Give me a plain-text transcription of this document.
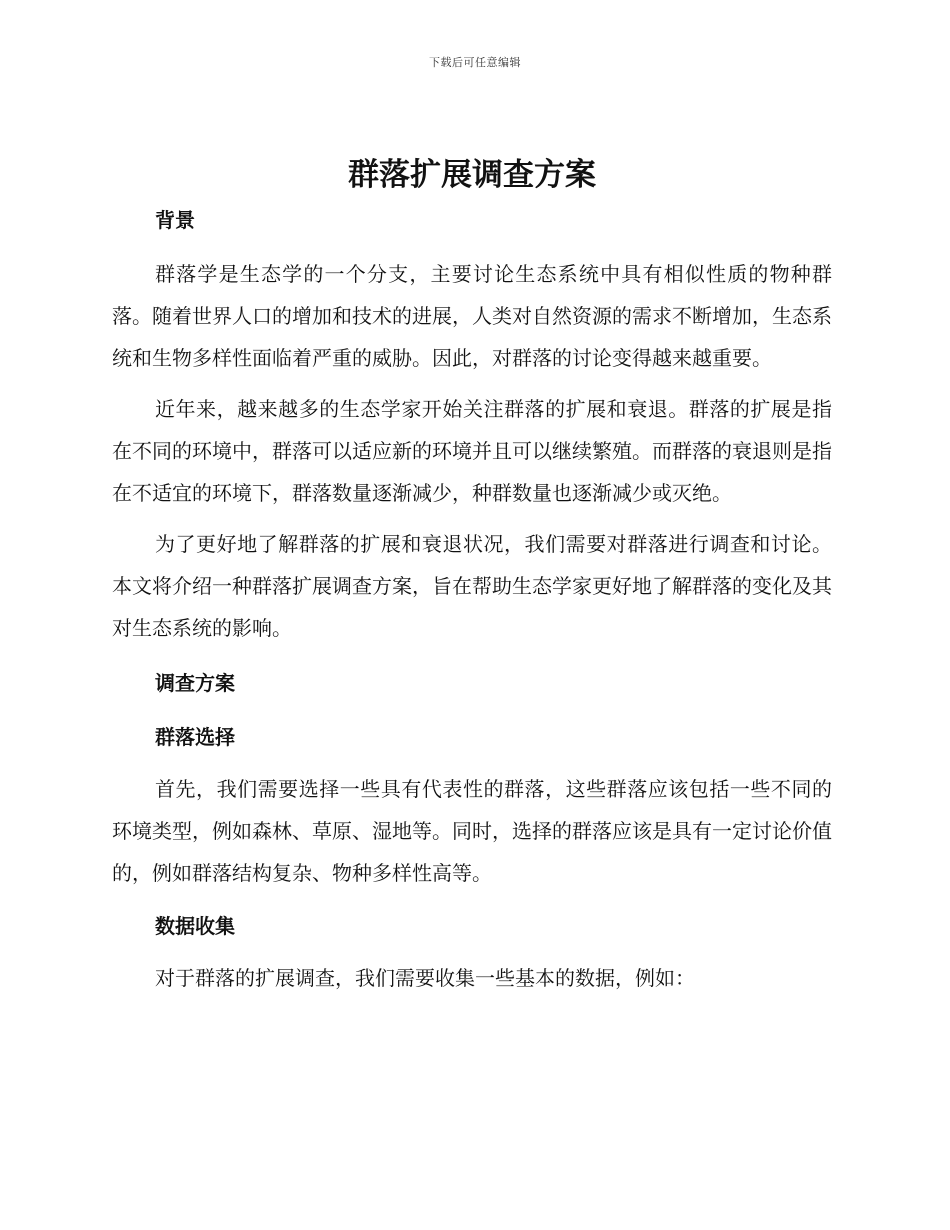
下载后可任意编辑
群落扩展调查方案
背景

群落学是生态学的一个分支，主要讨论生态系统中具有相似性质的物种群落。随着世界人口的增加和技术的进展，人类对自然资源的需求不断增加，生态系统和生物多样性面临着严重的威胁。因此，对群落的讨论变得越来越重要。

近年来，越来越多的生态学家开始关注群落的扩展和衰退。群落的扩展是指在不同的环境中，群落可以适应新的环境并且可以继续繁殖。而群落的衰退则是指在不适宜的环境下，群落数量逐渐减少，种群数量也逐渐减少或灭绝。

为了更好地了解群落的扩展和衰退状况，我们需要对群落进行调查和讨论。本文将介绍一种群落扩展调查方案，旨在帮助生态学家更好地了解群落的变化及其对生态系统的影响。

调查方案
群落选择

首先，我们需要选择一些具有代表性的群落，这些群落应该包括一些不同的环境类型，例如森林、草原、湿地等。同时，选择的群落应该是具有一定讨论价值的，例如群落结构复杂、物种多样性高等。

数据收集

对于群落的扩展调查，我们需要收集一些基本的数据，例如：
